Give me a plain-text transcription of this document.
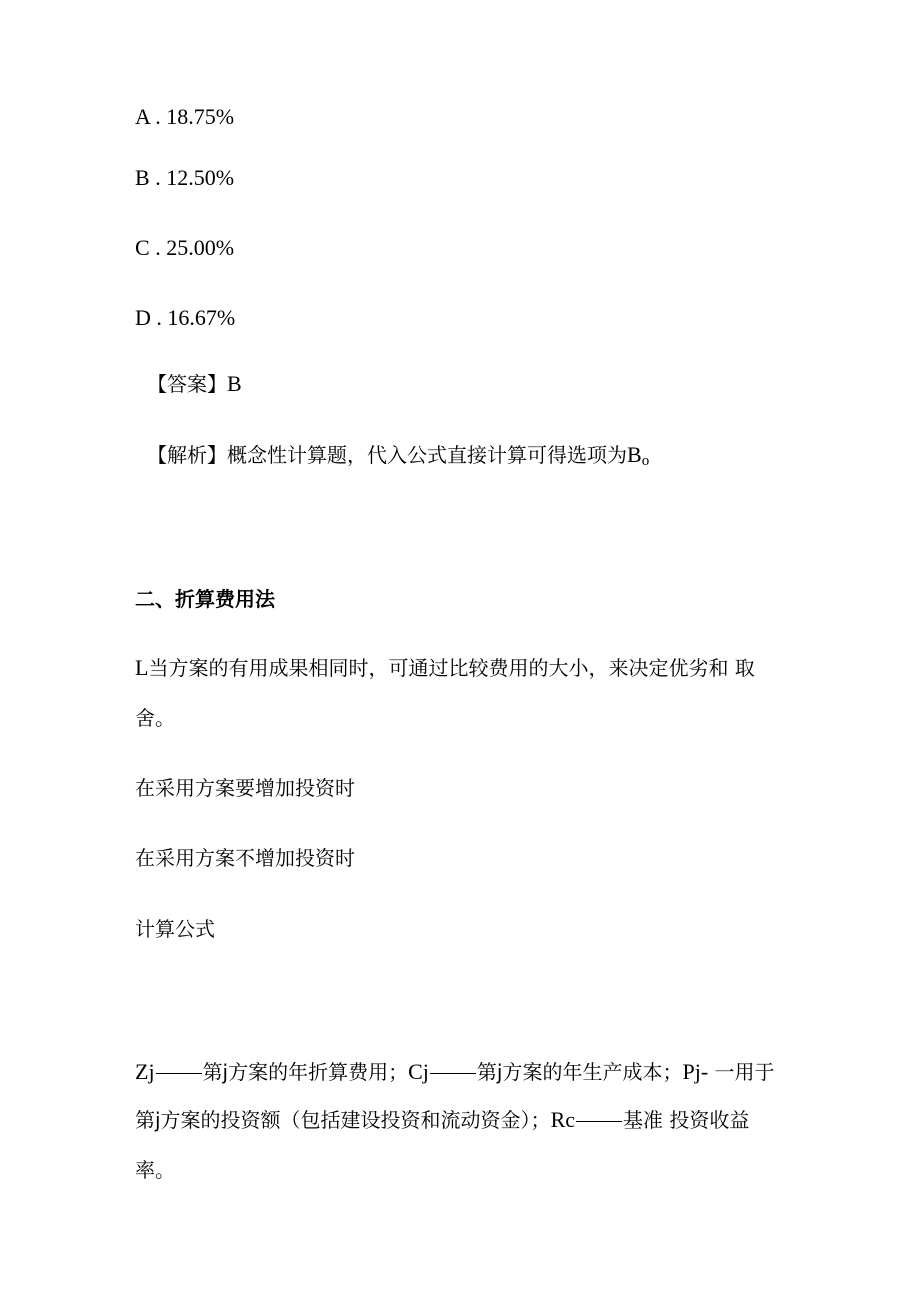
A . 18.75%
B . 12.50%
C . 25.00%
D . 16.67%
【答案】B
【解析】概念性计算题，代入公式直接计算可得选项为Bo
二、折算费用法
L当方案的有用成果相同时，可通过比较费用的大小，来决定优劣和 取
舍。
在采用方案要增加投资时
在采用方案不增加投资时
计算公式
Zj 第j方案的年折算费用；Cj 第j方案的年生产成本；Pj- 一用于
第j方案的投资额（包括建设投资和流动资金）；Rc 基准 投资收益
率。
